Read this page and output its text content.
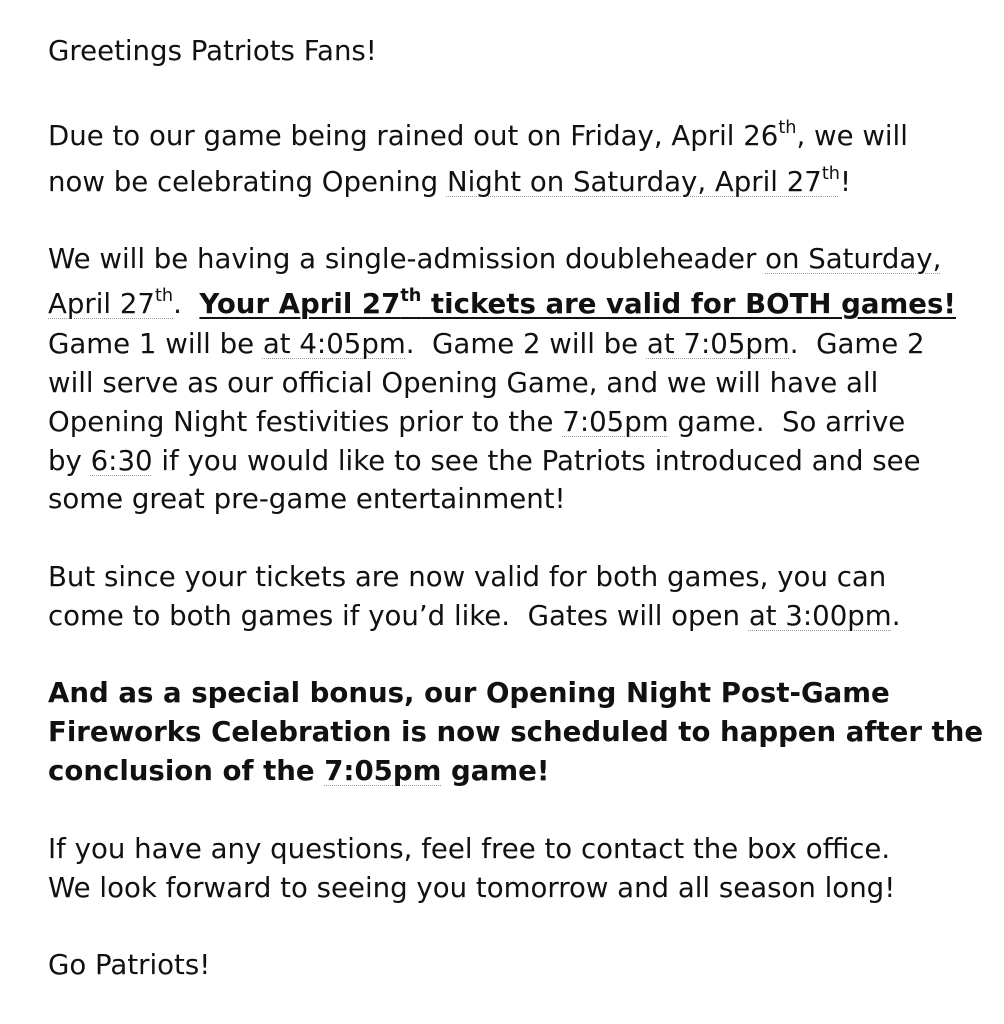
Greetings Patriots Fans!
Due to our game being rained out on Friday, April 26th, we will
now be celebrating Opening Night on Saturday, April 27th!
We will be having a single-admission doubleheader on Saturday,
April 27th.  Your April 27th tickets are valid for BOTH games!
Game 1 will be at 4:05pm.  Game 2 will be at 7:05pm.  Game 2
will serve as our official Opening Game, and we will have all
Opening Night festivities prior to the 7:05pm game.  So arrive
by 6:30 if you would like to see the Patriots introduced and see
some great pre-game entertainment!
But since your tickets are now valid for both games, you can
come to both games if you’d like.  Gates will open at 3:00pm.
And as a special bonus, our Opening Night Post-Game
Fireworks Celebration is now scheduled to happen after the
conclusion of the 7:05pm game!
If you have any questions, feel free to contact the box office.
We look forward to seeing you tomorrow and all season long!
Go Patriots!
